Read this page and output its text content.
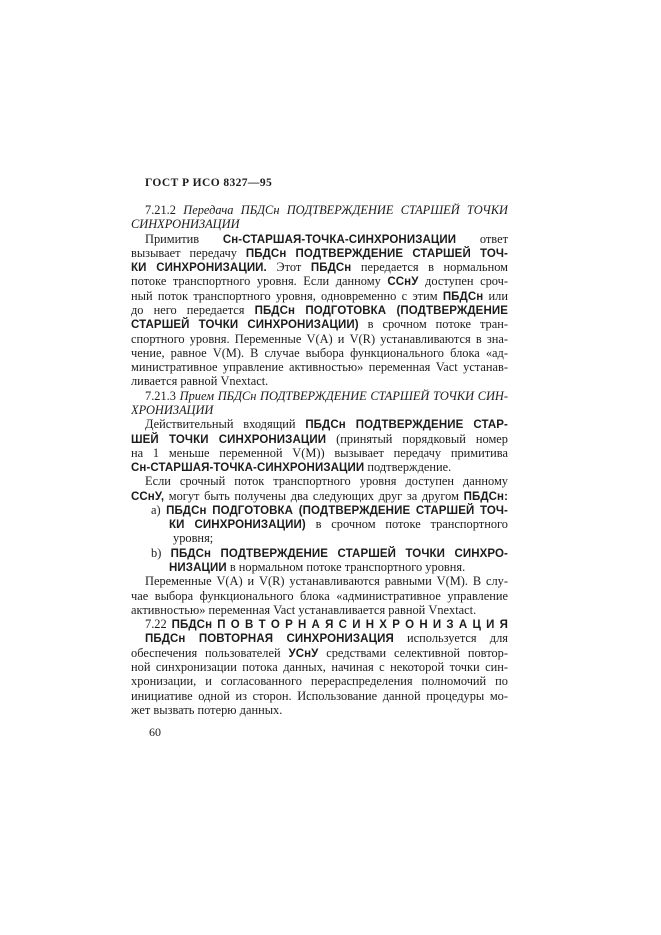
ГОСТ Р ИСО 8327—95
7.21.2 Передача ПБДСн ПОДТВЕРЖДЕНИЕ СТАРШЕЙ ТОЧКИ
СИНХРОНИЗАЦИИ
Примитив Сн-СТАРШАЯ-ТОЧКА-СИНХРОНИЗАЦИИ ответ
вызывает передачу ПБДСн ПОДТВЕРЖДЕНИЕ СТАРШЕЙ ТОЧ-
КИ СИНХРОНИЗАЦИИ. Этот ПБДСн передается в нормальном
потоке транспортного уровня. Если данному ССнУ доступен сроч-
ный поток транспортного уровня, одновременно с этим ПБДСн или
до него передается ПБДСн ПОДГОТОВКА (ПОДТВЕРЖДЕНИЕ
СТАРШЕЙ ТОЧКИ СИНХРОНИЗАЦИИ) в срочном потоке тран-
спортного уровня. Переменные V(A) и V(R) устанавливаются в зна-
чение, равное V(M). В случае выбора функционального блока «ад-
министративное управление активностью» переменная Vact устанав-
ливается равной Vnextact.
7.21.3 Прием ПБДСн ПОДТВЕРЖДЕНИЕ СТАРШЕЙ ТОЧКИ СИН-
ХРОНИЗАЦИИ
Действительный входящий ПБДСн ПОДТВЕРЖДЕНИЕ СТАР-
ШЕЙ ТОЧКИ СИНХРОНИЗАЦИИ (принятый порядковый номер
на 1 меньше переменной V(M)) вызывает передачу примитива
Сн-СТАРШАЯ-ТОЧКА-СИНХРОНИЗАЦИИ подтверждение.
Если срочный поток транспортного уровня доступен данному
ССнУ, могут быть получены два следующих друг за другом ПБДСн:
a) ПБДСн ПОДГОТОВКА (ПОДТВЕРЖДЕНИЕ СТАРШЕЙ ТОЧ-
КИ СИНХРОНИЗАЦИИ) в срочном потоке транспортного
уровня;
b) ПБДСн ПОДТВЕРЖДЕНИЕ СТАРШЕЙ ТОЧКИ СИНХРО-
НИЗАЦИИ в нормальном потоке транспортного уровня.
Переменные V(A) и V(R) устанавливаются равными V(M). В слу-
чае выбора функционального блока «административное управление
активностью» переменная Vact устанавливается равной Vnextact.
7.22 ПБДСн П О В Т О Р Н А Я С И Н Х Р О Н И З А Ц И Я
ПБДСн ПОВТОРНАЯ СИНХРОНИЗАЦИЯ используется для
обеспечения пользователей УСнУ средствами селективной повтор-
ной синхронизации потока данных, начиная с некоторой точки син-
хронизации, и согласованного перераспределения полномочий по
инициативе одной из сторон. Использование данной процедуры мо-
жет вызвать потерю данных.
60
